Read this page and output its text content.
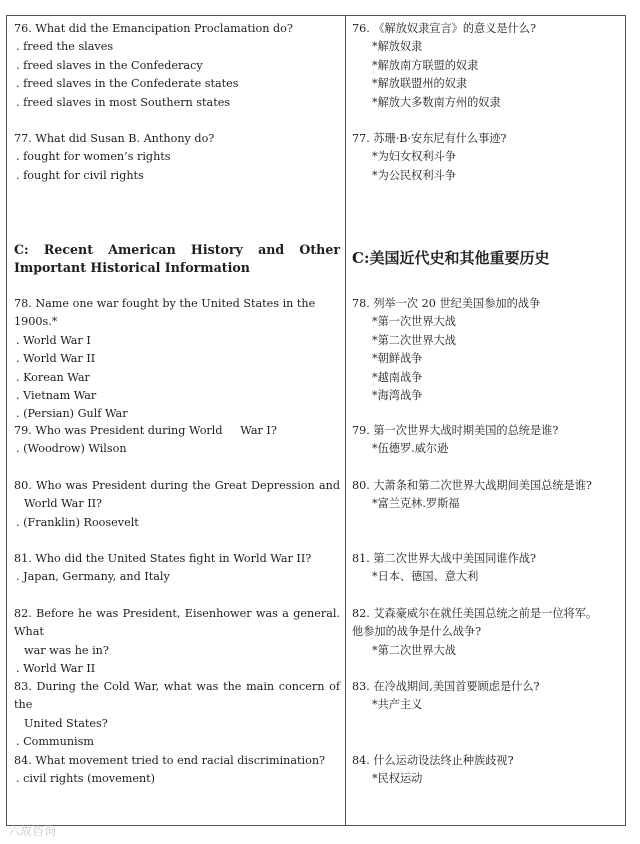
76. What did the Emancipation Proclamation do?
. freed the slaves
. freed slaves in the Confederacy
. freed slaves in the Confederate states
. freed slaves in most Southern states
77. What did Susan B. Anthony do?
. fought for women’s rights
. fought for civil rights
C: Recent American History and Other Important Historical Information
78. Name one war fought by the United States in the 1900s.*
. World War I
. World War II
. Korean War
. Vietnam War
. (Persian) Gulf War
79. Who was President during World     War I?
. (Woodrow) Wilson
80. Who was President during the Great Depression and
World War II?
. (Franklin) Roosevelt
81. Who did the United States fight in World War II?
. Japan, Germany, and Italy
82. Before he was President, Eisenhower was a general. What
war was he in?
. World War II
83. During the Cold War, what was the main concern of the
United States?
. Communism
84. What movement tried to end racial discrimination?
. civil rights (movement)
76. 《解放奴隶宣言》的意义是什么?
*解放奴隶
*解放南方联盟的奴隶
*解放联盟州的奴隶
*解放大多数南方州的奴隶
77. 苏珊·B·安东尼有什么事迹?
*为妇女权利斗争
*为公民权利斗争
C:美国近代史和其他重要历史
78. 列举一次 20 世纪美国参加的战争
*第一次世界大战
*第二次世界大战
*朝鲜战争
*越南战争
*海湾战争
79. 第一次世界大战时期美国的总统是谁?
*伍德罗.威尔逊
80. 大萧条和第二次世界大战期间美国总统是谁?
*富兰克林.罗斯福
81. 第二次世界大战中美国同谁作战?
*日本、德国、意大利
82. 艾森豪威尔在就任美国总统之前是一位将军。
他参加的战争是什么战争?
*第二次世界大战
83. 在冷战期间,美国首要顾虑是什么?
*共产主义
84. 什么运动设法终止种族歧视?
*民权运动
六故咨询
